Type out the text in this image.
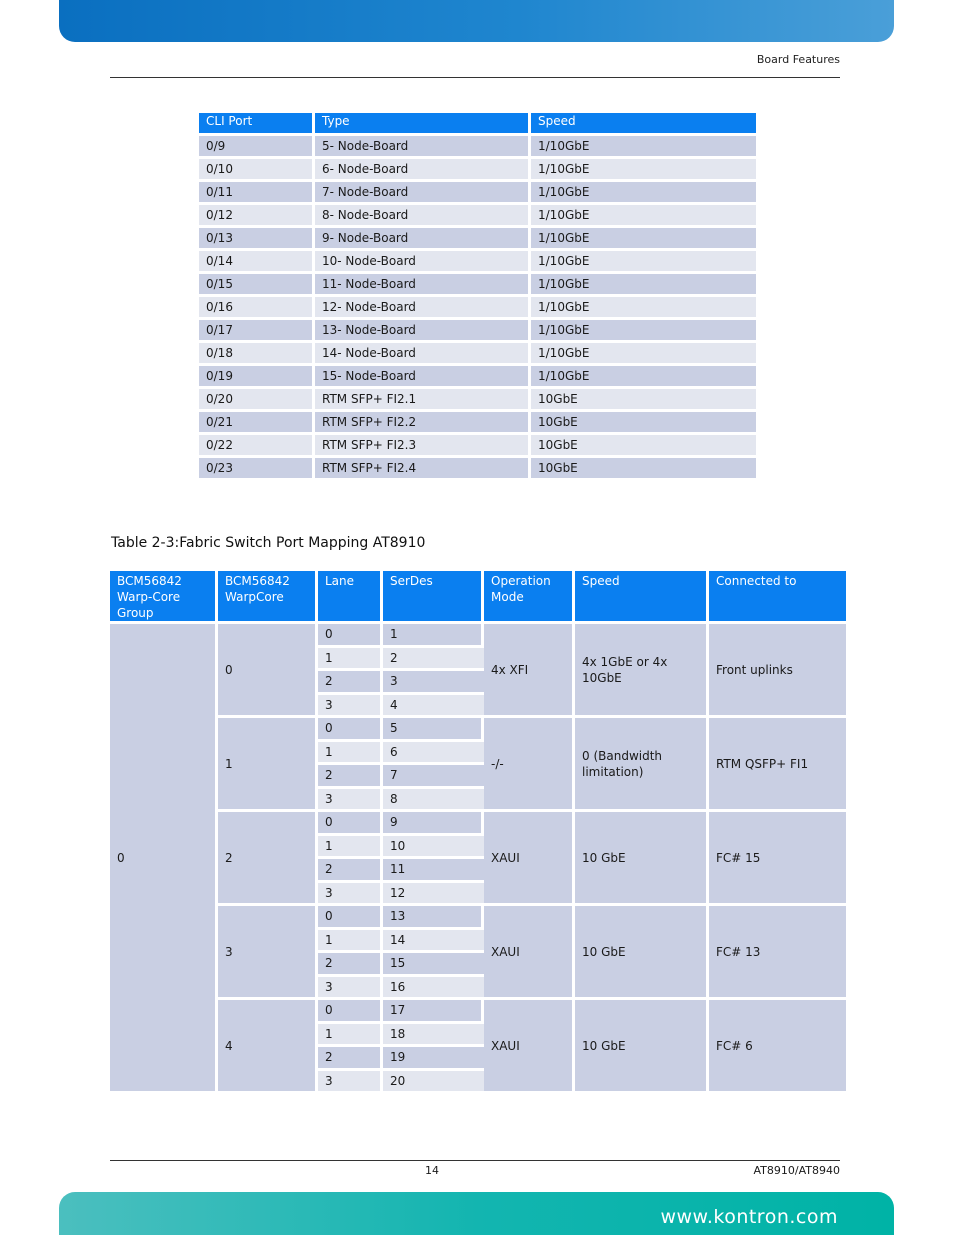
Board Features
CLI Port	Type	Speed
0/9	5- Node-Board	1/10GbE
0/10	6- Node-Board	1/10GbE
0/11	7- Node-Board	1/10GbE
0/12	8- Node-Board	1/10GbE
0/13	9- Node-Board	1/10GbE
0/14	10- Node-Board	1/10GbE
0/15	11- Node-Board	1/10GbE
0/16	12- Node-Board	1/10GbE
0/17	13- Node-Board	1/10GbE
0/18	14- Node-Board	1/10GbE
0/19	15- Node-Board	1/10GbE
0/20	RTM SFP+ FI2.1	10GbE
0/21	RTM SFP+ FI2.2	10GbE
0/22	RTM SFP+ FI2.3	10GbE
0/23	RTM SFP+ FI2.4	10GbE
Table 2-3:Fabric Switch Port Mapping AT8910
BCM56842 Warp-Core Group	BCM56842 WarpCore	Lane	SerDes	Operation Mode	Speed	Connected to
0	0	0	1	4x XFI	4x 1GbE or 4x 10GbE	Front uplinks
		1	2			
		2	3			
		3	4			
	1	0	5	-/-	0 (Bandwidth limitation)	RTM QSFP+ FI1
		1	6			
		2	7			
		3	8			
	2	0	9	XAUI	10 GbE	FC# 15
		1	10			
		2	11			
		3	12			
	3	0	13	XAUI	10 GbE	FC# 13
		1	14			
		2	15			
		3	16			
	4	0	17	XAUI	10 GbE	FC# 6
		1	18			
		2	19			
		3	20			
14	AT8910/AT8940
www.kontron.com
